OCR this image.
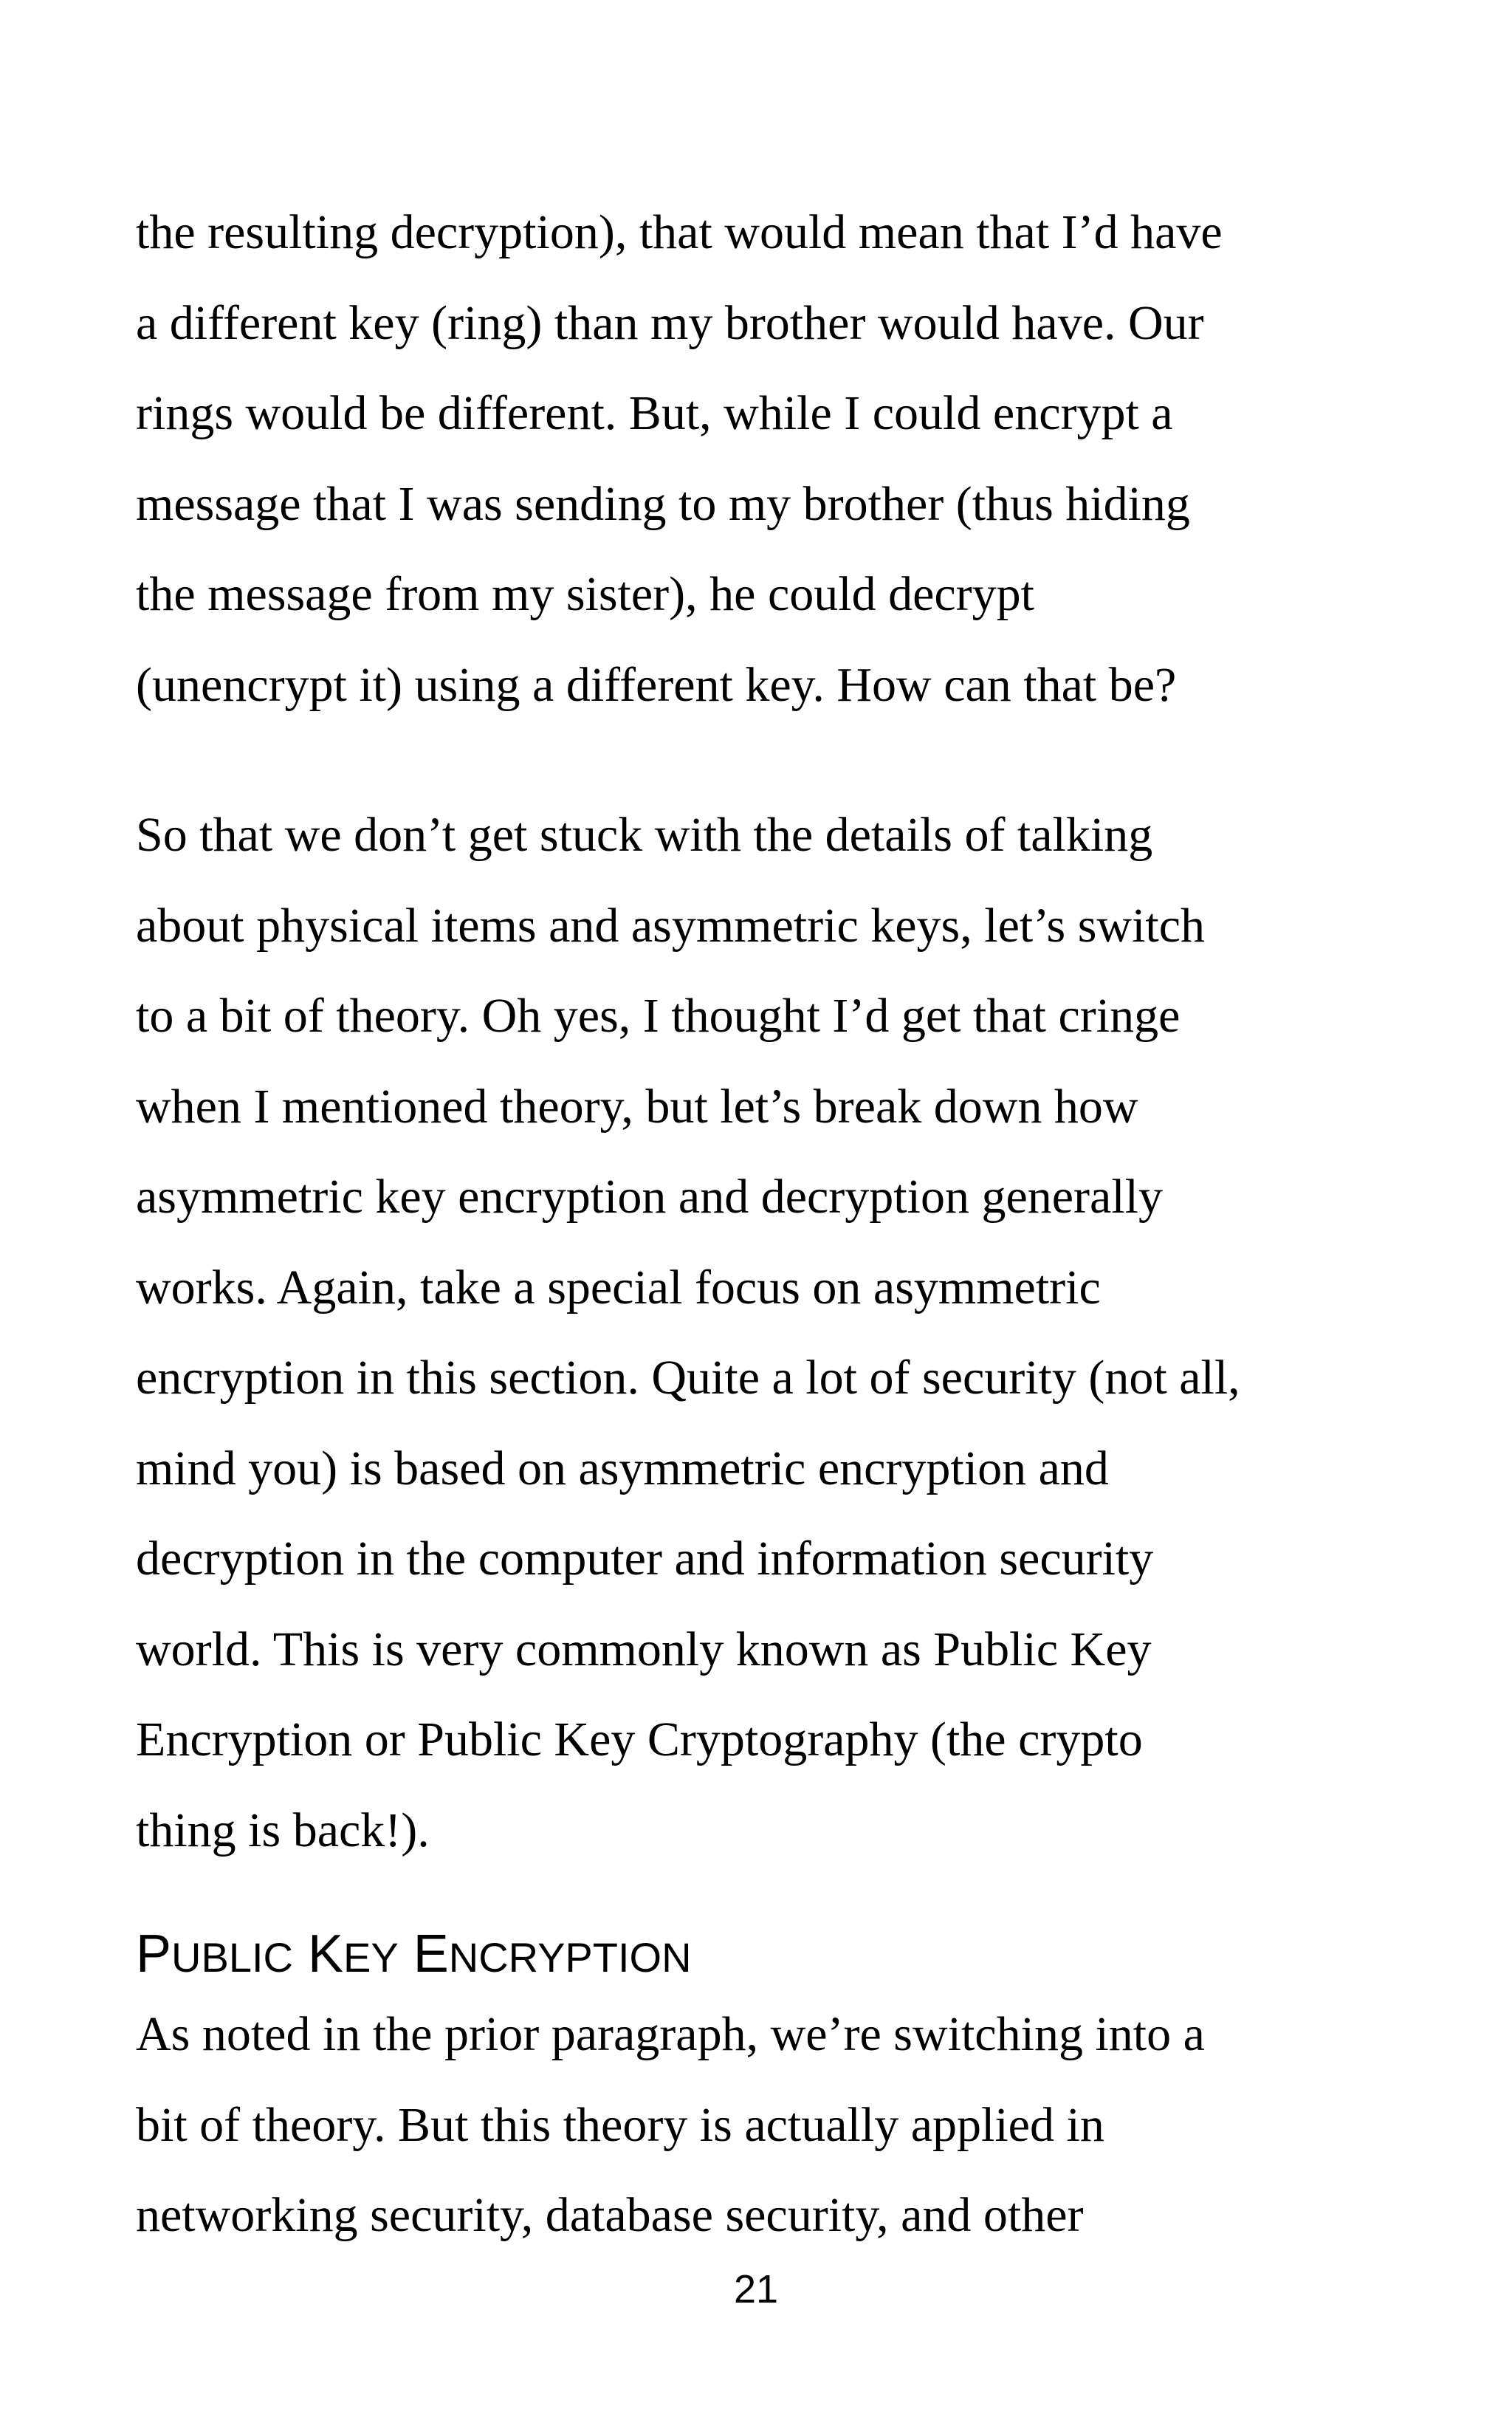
the resulting decryption), that would mean that I’d have
a different key (ring) than my brother would have. Our
rings would be different. But, while I could encrypt a
message that I was sending to my brother (thus hiding
the message from my sister), he could decrypt
(unencrypt it) using a different key. How can that be?

So that we don’t get stuck with the details of talking
about physical items and asymmetric keys, let’s switch
to a bit of theory. Oh yes, I thought I’d get that cringe
when I mentioned theory, but let’s break down how
asymmetric key encryption and decryption generally
works. Again, take a special focus on asymmetric
encryption in this section. Quite a lot of security (not all,
mind you) is based on asymmetric encryption and
decryption in the computer and information security
world. This is very commonly known as Public Key
Encryption or Public Key Cryptography (the crypto
thing is back!).

PUBLIC KEY ENCRYPTION

As noted in the prior paragraph, we’re switching into a
bit of theory. But this theory is actually applied in
networking security, database security, and other

21
